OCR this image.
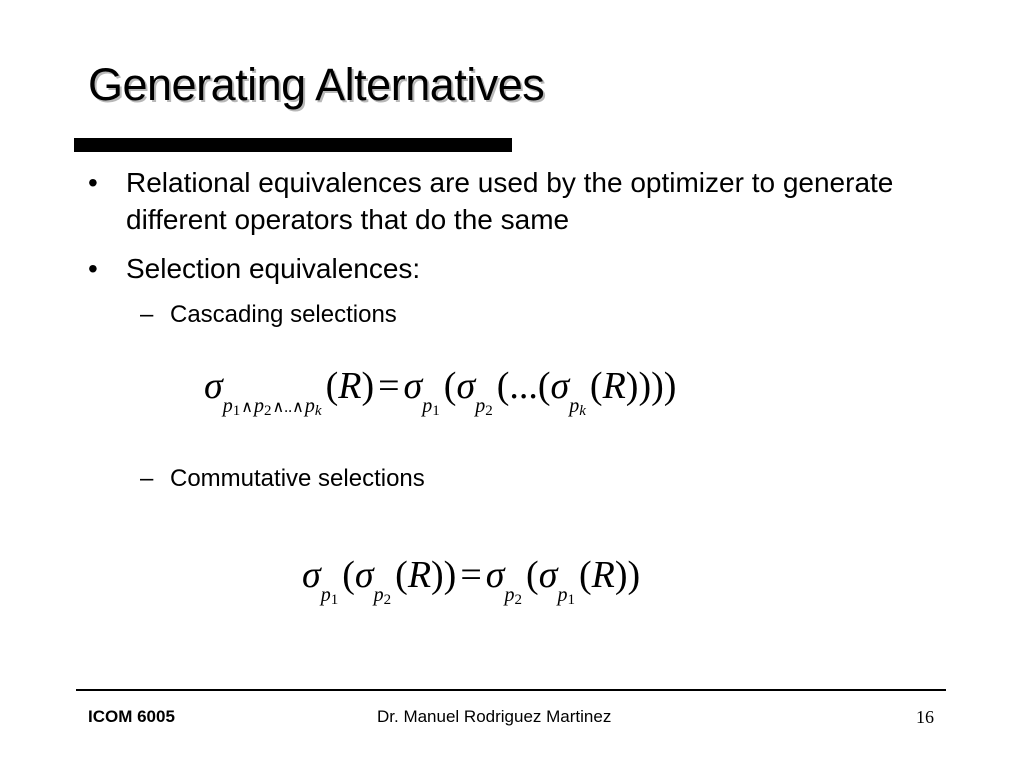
Generating Alternatives
• Relational equivalences are used by the optimizer to generate different operators that do the same
• Selection equivalences:
– Cascading selections
σp1∧p2∧..∧pk (R) = σp1 (σp2 (...(σpk (R))))
– Commutative selections
σp1 (σp2 (R)) = σp2 (σp1 (R))
ICOM 6005	Dr. Manuel Rodriguez Martinez	16
